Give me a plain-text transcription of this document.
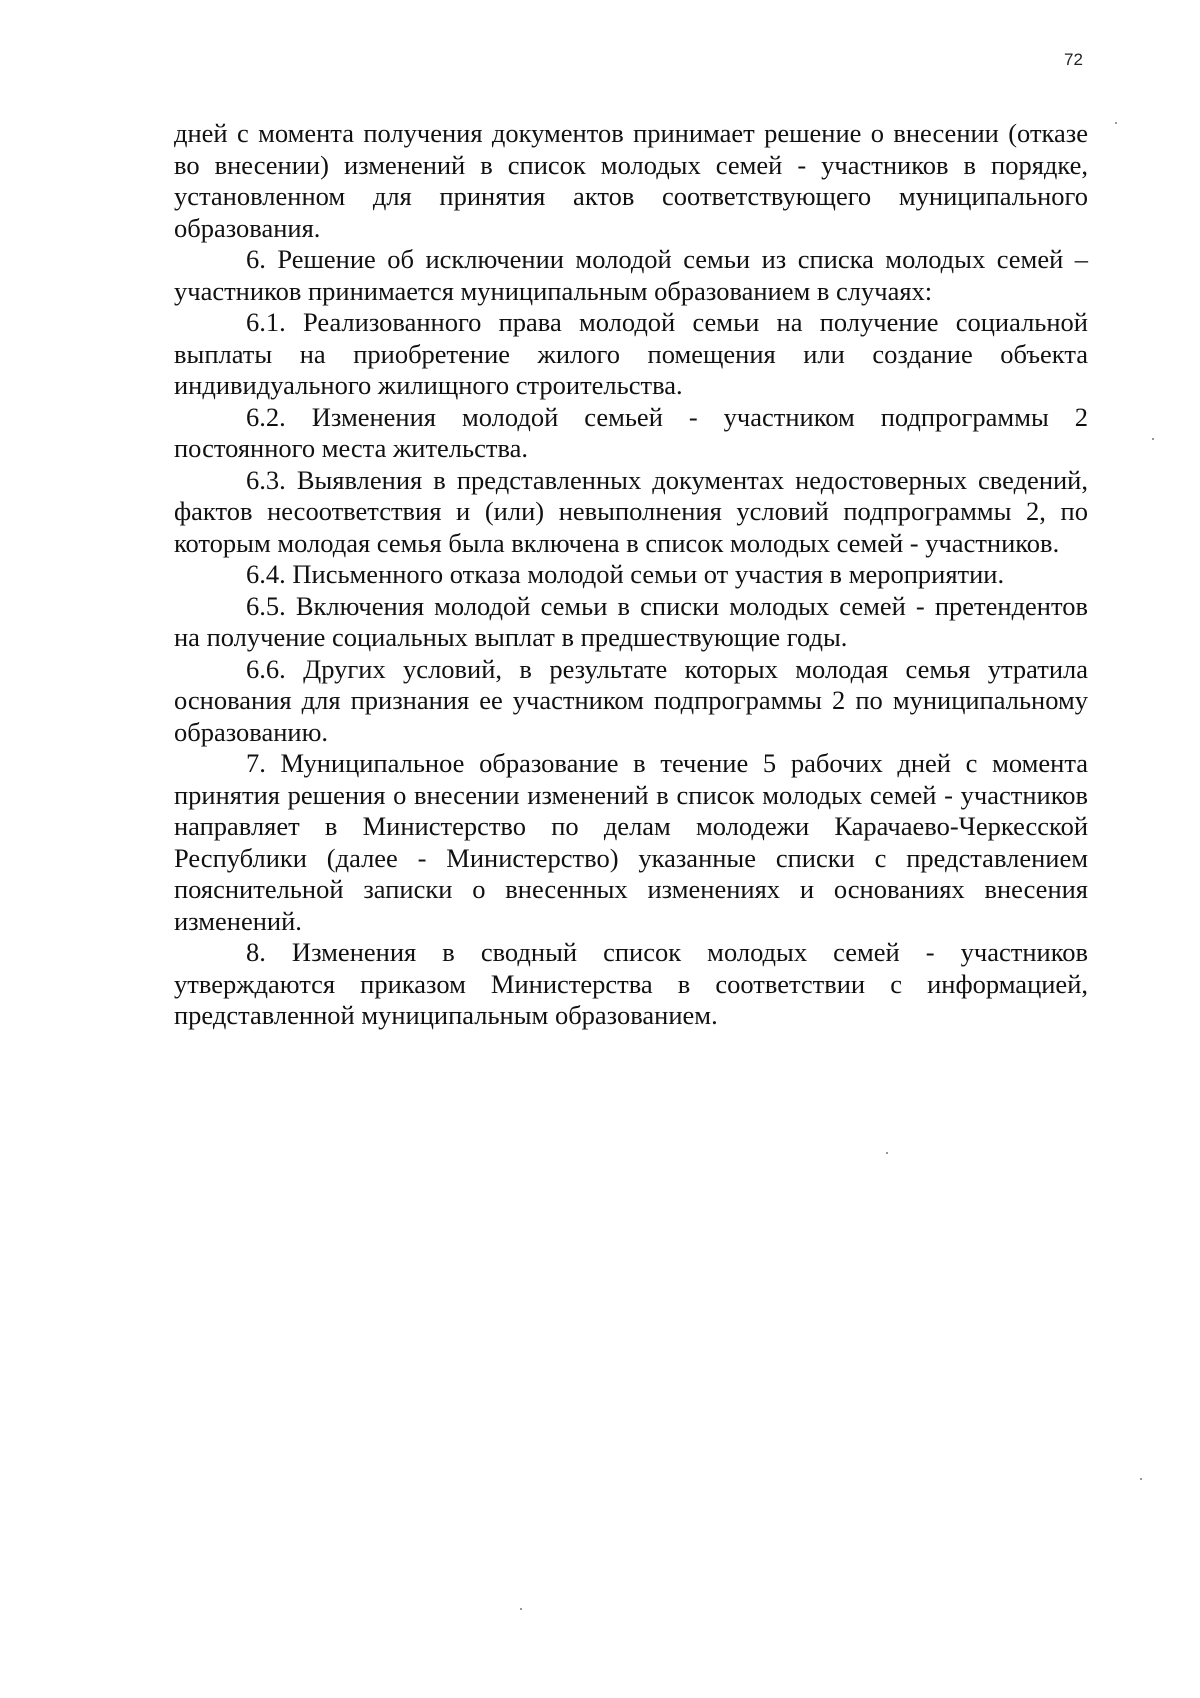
72

дней с момента получения документов принимает решение о внесении (отказе во внесении) изменений в список молодых семей - участников в порядке, установленном для принятия актов соответствующего муниципального образования.

6. Решение об исключении молодой семьи из списка молодых семей – участников принимается муниципальным образованием в случаях:

6.1. Реализованного права молодой семьи на получение социальной выплаты на приобретение жилого помещения или создание объекта индивидуального жилищного строительства.

6.2. Изменения молодой семьей - участником подпрограммы 2 постоянного места жительства.

6.3. Выявления в представленных документах недостоверных сведений, фактов несоответствия и (или) невыполнения условий подпрограммы 2, по которым молодая семья была включена в список молодых семей - участников.

6.4. Письменного отказа молодой семьи от участия в мероприятии.

6.5. Включения молодой семьи в списки молодых семей - претендентов на получение социальных выплат в предшествующие годы.

6.6. Других условий, в результате которых молодая семья утратила основания для признания ее участником подпрограммы 2 по муниципальному образованию.

7. Муниципальное образование в течение 5 рабочих дней с момента принятия решения о внесении изменений в список молодых семей - участников направляет в Министерство по делам молодежи Карачаево-Черкесской Республики (далее - Министерство) указанные списки с представлением пояснительной записки о внесенных изменениях и основаниях внесения изменений.

8. Изменения в сводный список молодых семей - участников утверждаются приказом Министерства в соответствии с информацией, представленной муниципальным образованием.
